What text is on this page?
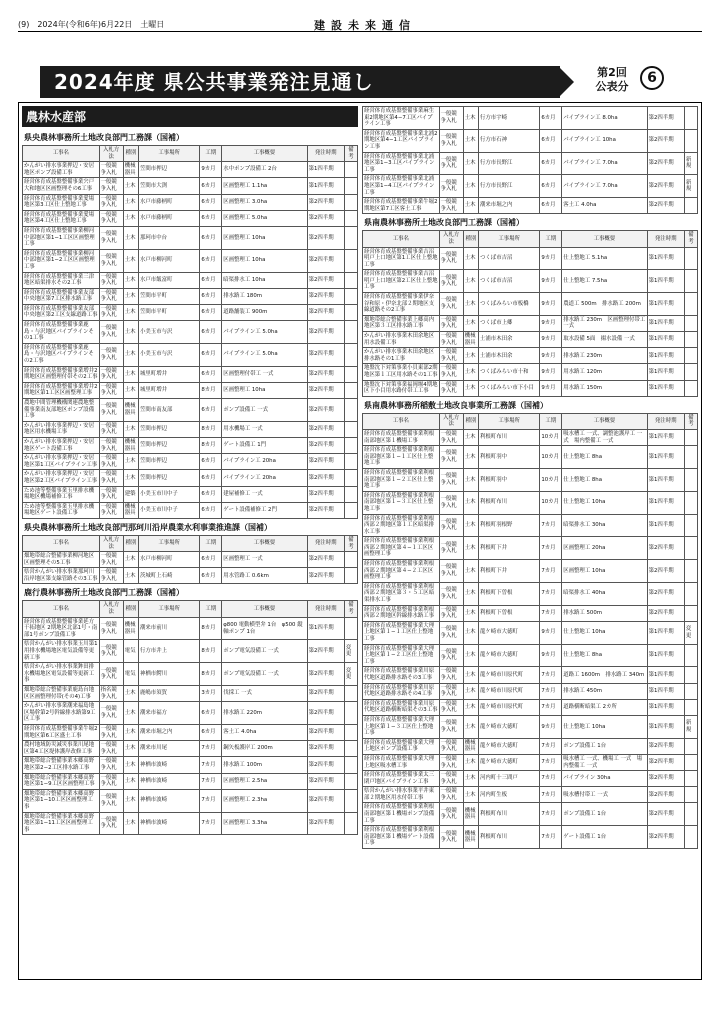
(9)　2024年(令和6年)6月22日　土曜日	建設未来通信
2024年度 県公共事業発注見通し	第2回
公表分
6
農林水産部
県央農林事務所土地改良部門工務課（国補）
工事名	入札方法	種別	工事場所	工期	工事概要	発注時期	備考
かんがい排水事業押辺・安居地区ポンプ設備工事	一般競争入札	機械器具	笠間市押辺	9カ月	水中ポンプ設備工 2台	第1四半期	
経営体育成基盤整備事業宍戸大和地区区画整理その6工事	一般競争入札	土木	笠間市大渕	6カ月	区画整理工 1.1ha	第1四半期	
経営体育成基盤整備事業愛場地区第3工区仕上整地工事	一般競争入札	土木	水戸市藤柄町	6カ月	区画整理工 3.0ha	第2四半期	
経営体育成基盤整備事業愛場地区第4工区仕上整地工事	一般競争入札	土木	水戸市藤柄町	6カ月	区画整理工 5.0ha	第2四半期	
経営体育成基盤整備事業柳河中部地区第1−1工区区画整理工事	一般競争入札	土木	那珂市中台	6カ月	区画整理工 10ha	第2四半期	
経営体育成基盤整備事業柳河中部地区第1−2工区区画整理工事	一般競争入札	土木	水戸市柳河町	6カ月	区画整理工 10ha	第2四半期	
経営体育成基盤整備事業三津地区暗渠排水その2工事	一般競争入札	土木	水戸市飯富町	6カ月	暗渠排水工 10ha	第2四半期	
経営体育成基盤整備事業友部中央地区第7工区排水路工事	一般競争入札	土木	笠間市平町	6カ月	排水路工 180m	第2四半期	
経営体育成基盤整備事業友部中央地区第2工区支線道路工事	一般競争入札	土木	笠間市平町	6カ月	道路舗装工 900m	第2四半期	
経営体育成基盤整備事業鹿島・与沢地区パイプラインその1工事	一般競争入札	土木	小美玉市与沢	6カ月	パイプライン工 5.0ha	第2四半期	
経営体育成基盤整備事業鹿島・与沢地区パイプラインその2工事	一般競争入札	土木	小美玉市与沢	6カ月	パイプライン工 5.0ha	第2四半期	
経営体育成基盤整備事業増井2期地区区画整理付帯その2工事	一般競争入札	土木	城里町増井	6カ月	区画整理付帯工 一式	第2四半期	
経営体育成基盤整備事業増井2期地区第1工区区画整理工事	一般競争入札	土木	城里町増井	8カ月	区画整理工 10ha	第2四半期	
農地中間管理機構関連農地整備事業南友部地区ポンプ設備工事	一般競争入札	機械器具	笠間市南友部	6カ月	ポンプ設備工 一式	第2四半期	
かんがい排水事業押辺・安居地区用水機場工事	一般競争入札	土木	笠間市押辺	8カ月	用水機場工 一式	第2四半期	
かんがい排水事業押辺・安居地区ゲート設備工事	一般競争入札	機械器具	笠間市押辺	8カ月	ゲート設備工 1門	第2四半期	
かんがい排水事業押辺・安居地区第1工区パイプライン工事	一般競争入札	土木	笠間市押辺	6カ月	パイプライン工 20ha	第2四半期	
かんがい排水事業押辺・安居地区第2工区パイプライン工事	一般競争入札	土木	笠間市押辺	6カ月	パイプライン工 20ha	第2四半期	
ため池等整備事業玉里排水機場地区機場補修工事	一般競争入札	建築	小美玉市川中子	6カ月	建屋補修工 一式	第2四半期	
ため池等整備事業玉里排水機場地区ゲート設備工事	一般競争入札	機械器具	小美玉市川中子	6カ月	ゲート設備補修工 2門	第2四半期	
県央農林事務所土地改良部門那珂川沿岸農業水利事業推進課（国補）
工事名	入札方法	種別	工事場所	工期	工事概要	発注時期	備考
畑地帯総合整備事業柳河地区区画整理その5工事	一般競争入札	土木	水戸市柳河町	6カ月	区画整理工 一式	第2四半期	
県営かんがい排水事業那珂川沿岸地区第支線管路その3工事	一般競争入札	土木	茨城町上石崎	6カ月	用水管路工 0.6km	第2四半期	
鹿行農林事務所土地改良部門工務課（国補）
工事名	入札方法	種別	工事場所	工期	工事概要	発注時期	備考
経営体育成基盤整備事業延方干拓地区 2期地区北部1号・南部1号ポンプ設備工事	一般競争入札	機械器具	潮来市前川	8カ月	φ800 電動横型弁 1台　φ500 縦軸ポンプ 1台	第1四半期	
県営かんがい排水事業玉川第1用排水機場地区電気設備等更新工事	一般競争入札	電気	行方市井上	8カ月	ポンプ電気設備工 一式	第2四半期	変更
県営かんがい排水事業鉾田排水機場地区電気設備等更新工事	一般競争入札	電気	神栖市鰐川	8カ月	ポンプ電気設備工 一式	第2四半期	変更
畑地帯総合整備事業鹿島台地区区画整理付帯(その4)工事	指名競争入札	土木	鹿嶋市須賀	3カ月	伐採工 一式	第2四半期	
かんがい排水事業潮来福島地区場幹第2号幹線排水路第9工区工事	一般競争入札	土木	潮来市福方	6カ月	排水路工 220m	第2四半期	
経営体育成基盤整備事業牛堀2期地区第6工区盛土工事	一般競争入札	土木	潮来市堀之内	6カ月	客土工 4.0ha	第2四半期	
農村地域防災減災事業川尾地区第4工区堤体護岸改修工事	一般競争入札	土木	潮来市川尾	7カ月	鋼矢板護岸工 200m	第2四半期	
畑地帯総合整備事業本郷高野地区第2−2工区排水路工事	一般競争入札	土木	神栖市波崎	7カ月	排水路工 100m	第2四半期	
畑地帯総合整備事業本郷高野地区第1−9工区区画整理工事	一般競争入札	土木	神栖市波崎	7カ月	区画整理工 2.5ha	第2四半期	
畑地帯総合整備事業本郷高野地区第1−10工区区画整理工事	一般競争入札	土木	神栖市波崎	7カ月	区画整理工 2.3ha	第2四半期	
畑地帯総合整備事業本郷高野地区第1−11工区区画整理工事	一般競争入札	土木	神栖市波崎	7カ月	区画整理工 3.3ha	第2四半期	
経営体育成基盤整備事業麻生東2期地区第4−7工区パイプライン工事	一般競争入札	土木	行方市宇崎	6カ月	パイプライン工 8.0ha	第2四半期	
経営体育成基盤整備事業北浦2期地区第4−1工区パイプライン工事	一般競争入札	土木	行方市石神	6カ月	パイプライン工 10ha	第2四半期	
経営体育成基盤整備事業北浦地区第1−3工区パイプライン工事	一般競争入札	土木	行方市長野江	6カ月	パイプライン工 7.0ha	第2四半期	新規
経営体育成基盤整備事業北浦地区第1−4工区パイプライン工事	一般競争入札	土木	行方市長野江	6カ月	パイプライン工 7.0ha	第2四半期	新規
経営体育成基盤整備事業牛堀2期地区第7工区客土工事	一般競争入札	土木	潮来市堀之内	6カ月	客土工 4.0ha	第2四半期	
県南農林事務所土地改良部門工務課（国補）
工事名	入札方法	種別	工事場所	工期	工事概要	発注時期	備考
経営体育成基盤整備事業吉沼明戸上口地区第1工区仕上整地工事	一般競争入札	土木	つくば市吉沼	9カ月	仕上整地工 5.1ha	第1四半期	
経営体育成基盤整備事業吉沼明戸上口地区第2工区仕上整地工事	一般競争入札	土木	つくば市吉沼	9カ月	仕上整地工 7.5ha	第1四半期	
経営体育成基盤整備事業伊奈谷和原・伊奈北部２期地区支線道路その2工事	一般競争入札	土木	つくばみらい市板橋	9カ月	農道工 500m　排水路工 200m	第1四半期	
畑地帯総合整備事業上郷高内地区第３工区排水路工事	一般競争入札	土木	つくば市上郷	9カ月	排水路工 230m　区画整理付帯工 一式	第1四半期	
かんがい排水事業木田余地区用水設備工事	一般競争入札	機械器具	土浦市木田余	9カ月	取水設備 5面　揚水設備 一式	第1四半期	
かんがい排水事業木田余地区排水路その1工事	一般競争入札	土木	土浦市木田余	9カ月	排水路工 230m	第1四半期	
地盤沈下対策事業小貝東部2期地区第１工区用水路その1工事	一般競争入札	土木	つくばみらい市十和	9カ月	用水路工 120m	第1四半期	
地盤沈下対策事業福岡堰4期地区下小目用水路付帯工工事	一般競争入札	土木	つくばみらい市下小目	9カ月	用水路工 150m	第1四半期	
県南農林事務所稲敷土地改良事業所工務課（国補）
工事名	入札方法	種別	工事場所	工期	工事概要	発注時期	備考
経営体育成基盤整備事業利根南部地区第１機場工事	一般競争入札	土木	利根町布川	10カ月	吸水槽工 一式、調整池護岸工 一式　場内整備工 一式	第1四半期	
経営体育成基盤整備事業利根南部地区第１−１工区仕上整地工事	一般競争入札	土木	利根町羽中	10カ月	仕上整地工 8ha	第1四半期	
経営体育成基盤整備事業利根南部地区第１−２工区仕上整地工事	一般競争入札	土木	利根町羽中	10カ月	仕上整地工 8ha	第1四半期	
経営体育成基盤整備事業利根南部地区第１−３工区仕上整地工事	一般競争入札	土木	利根町布川	10カ月	仕上整地工 10ha	第1四半期	
経営体育成基盤整備事業利根西部２期地区第１工区暗渠排水工事	一般競争入札	土木	利根町羽根野	7カ月	暗渠排水工 30ha	第1四半期	
経営体育成基盤整備事業利根西部２期地区第４−１工区区画整理工事	一般競争入札	土木	利根町下井	7カ月	区画整理工 20ha	第2四半期	
経営体育成基盤整備事業利根西部２期地区第４−２工区区画整理工事	一般競争入札	土木	利根町下井	7カ月	区画整理工 10ha	第2四半期	
経営体育成基盤整備事業利根西部２期地区第３・５工区暗渠排水工事	一般競争入札	土木	利根町下曽根	7カ月	暗渠排水工 40ha	第2四半期	
経営体育成基盤整備事業利根西部２期地区幹線排水路工事	一般競争入札	土木	利根町下曽根	7カ月	排水路工 500m	第2四半期	
経営体育成基盤整備事業大理上地区第１−１工区仕上整地工事	一般競争入札	土木	龍ケ崎市大徳町	9カ月	仕上整地工 10ha	第1四半期	変更
経営体育成基盤整備事業大理上地区第１−２工区仕上整地工事	一般競争入札	土木	龍ケ崎市大徳町	9カ月	仕上整地工 8ha	第1四半期	
経営体育成基盤整備事業川原代地区道路排水路その3工事	一般競争入札	土木	龍ケ崎市川原代町	7カ月	道路工 1600m　排水路工 340m	第1四半期	
経営体育成基盤整備事業川原代地区道路排水路その4工事	一般競争入札	土木	龍ケ崎市川原代町	7カ月	排水路工 450m	第1四半期	
経営体育成基盤整備事業川原代地区道路横断暗渠その3工事	一般競争入札	土木	龍ケ崎市川原代町	7カ月	道路横断暗渠工 2カ所	第1四半期	
経営体育成基盤整備事業大理上地区第１−３工区仕上整地工事	一般競争入札	土木	龍ケ崎市大徳町	9カ月	仕上整地工 10ha	第1四半期	新規
経営体育成基盤整備事業大理上地区ポンプ設備工事	一般競争入札	機械器具	龍ケ崎市大徳町	7カ月	ポンプ設備工 1台	第2四半期	
経営体育成基盤整備事業大理上地区吸水槽工事	一般競争入札	土木	龍ケ崎市大徳町	7カ月	吸水槽工 一式、機場工 一式　場内整備工 一式	第2四半期	
経営体育成基盤整備事業太三閉戸地区パイプライン工事	一般競争入札	土木	河内町十三間戸	7カ月	パイプライン 30ha	第2四半期	
県営かんがい排水事業平井東部２期地区用水付帯工事	一般競争入札	土木	河内町生板	7カ月	吸水槽付帯工 一式	第2四半期	
経営体育成基盤整備事業利根南部地区第１機場ポンプ設備工事	一般競争入札	機械器具	利根町布川	7カ月	ポンプ設備工 1台	第2四半期	
経営体育成基盤整備事業利根南部地区第１機場ゲート設備工事	一般競争入札	機械器具	利根町布川	7カ月	ゲート設備工 1台	第2四半期	
